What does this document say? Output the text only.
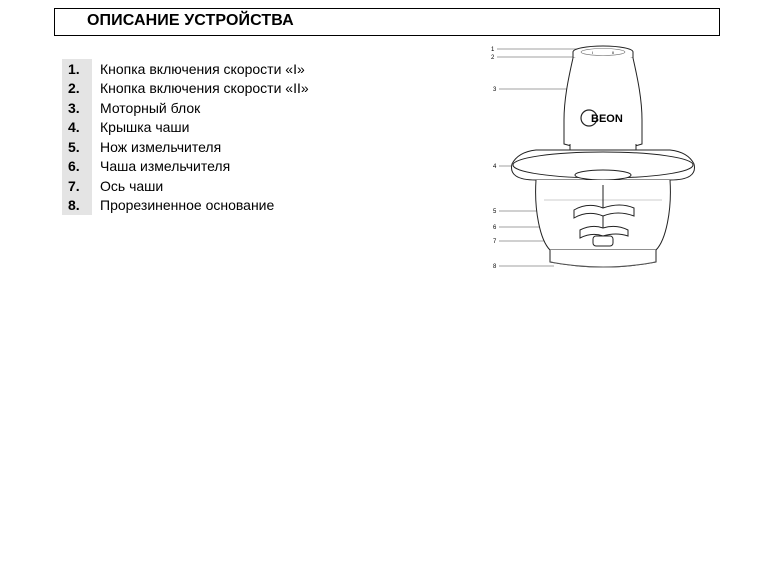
ОПИСАНИЕ УСТРОЙСТВА
1.	Кнопка включения скорости «I»
2.	Кнопка включения скорости «II»
3.	Моторный блок
4.	Крышка чаши
5.	Нож измельчителя
6.	Чаша измельчителя
7.	Ось чаши
8.	Прорезиненное основание
1
2
3
4
5
6
7
8
I	II
BEON
